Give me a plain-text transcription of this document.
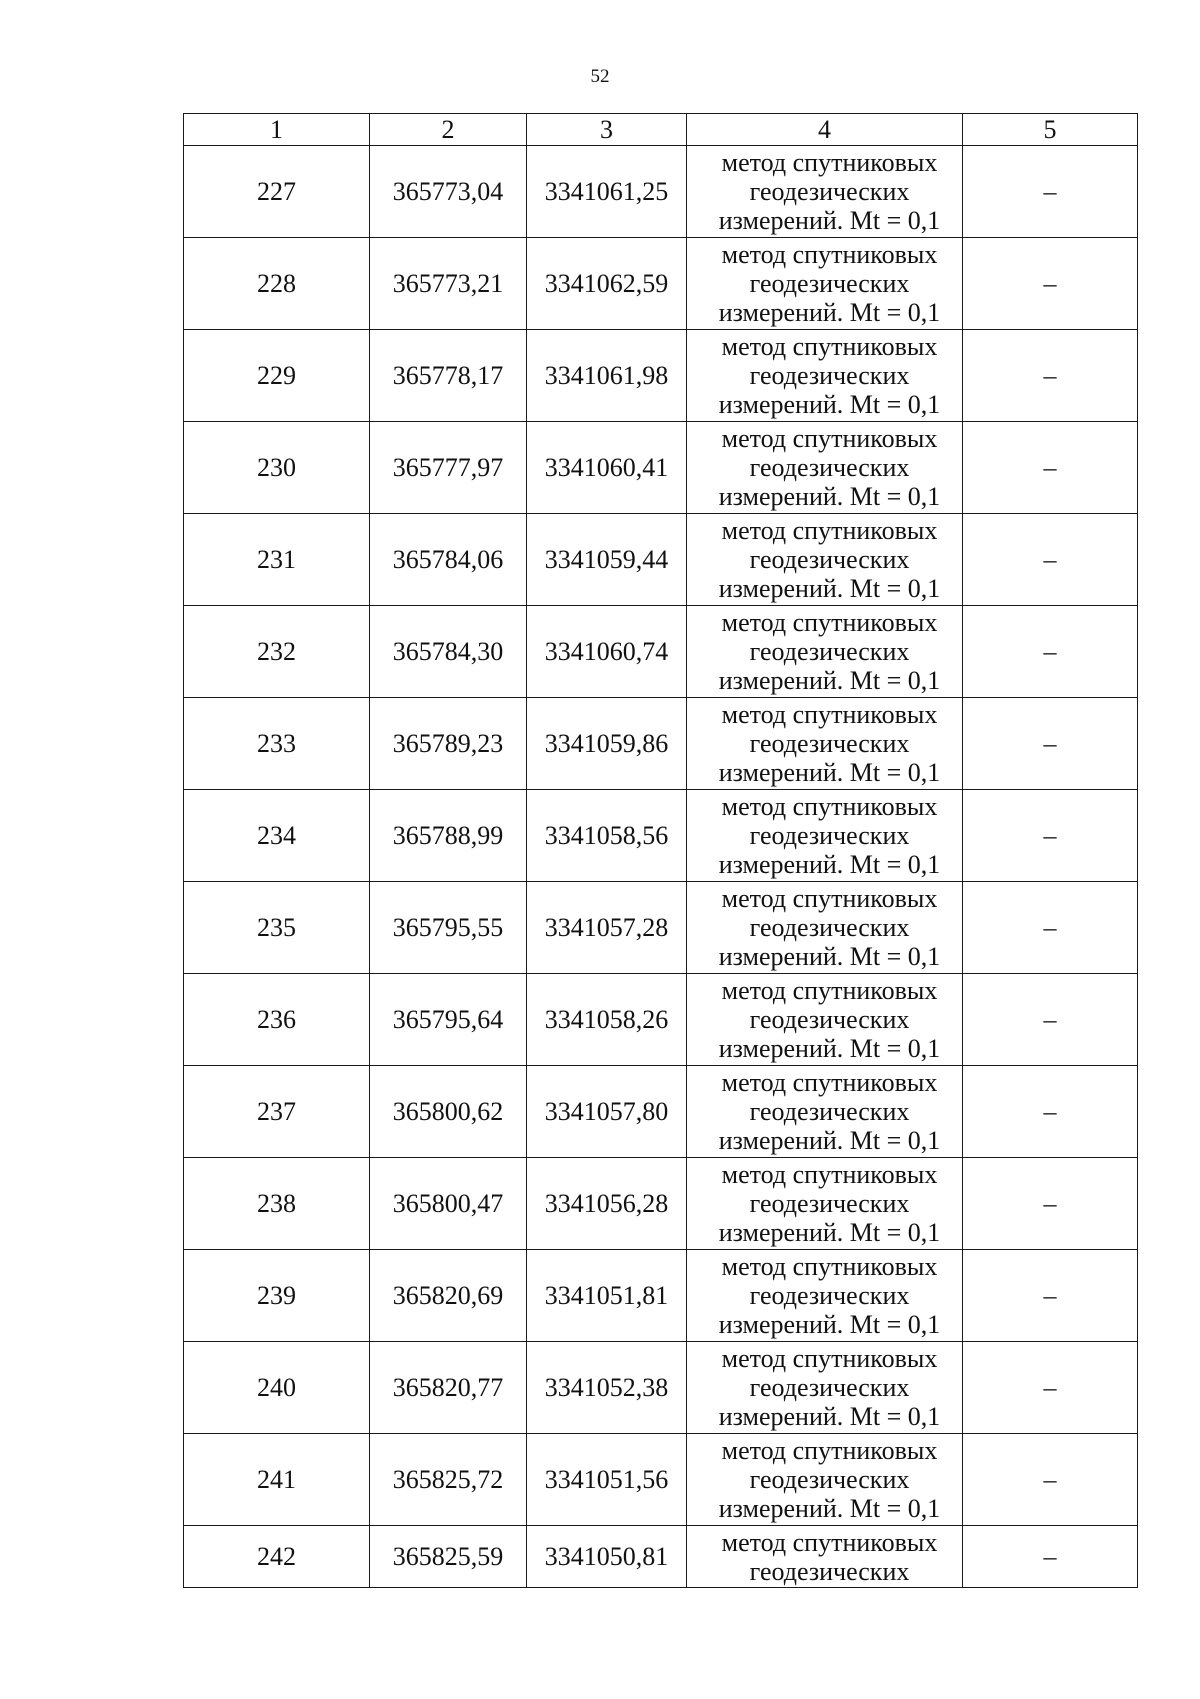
52
1	2	3	4	5
227	365773,04	3341061,25	метод спутниковых
геодезических
измерений. Mt = 0,1	–
228	365773,21	3341062,59	метод спутниковых
геодезических
измерений. Mt = 0,1	–
229	365778,17	3341061,98	метод спутниковых
геодезических
измерений. Mt = 0,1	–
230	365777,97	3341060,41	метод спутниковых
геодезических
измерений. Mt = 0,1	–
231	365784,06	3341059,44	метод спутниковых
геодезических
измерений. Mt = 0,1	–
232	365784,30	3341060,74	метод спутниковых
геодезических
измерений. Mt = 0,1	–
233	365789,23	3341059,86	метод спутниковых
геодезических
измерений. Mt = 0,1	–
234	365788,99	3341058,56	метод спутниковых
геодезических
измерений. Mt = 0,1	–
235	365795,55	3341057,28	метод спутниковых
геодезических
измерений. Mt = 0,1	–
236	365795,64	3341058,26	метод спутниковых
геодезических
измерений. Mt = 0,1	–
237	365800,62	3341057,80	метод спутниковых
геодезических
измерений. Mt = 0,1	–
238	365800,47	3341056,28	метод спутниковых
геодезических
измерений. Mt = 0,1	–
239	365820,69	3341051,81	метод спутниковых
геодезических
измерений. Mt = 0,1	–
240	365820,77	3341052,38	метод спутниковых
геодезических
измерений. Mt = 0,1	–
241	365825,72	3341051,56	метод спутниковых
геодезических
измерений. Mt = 0,1	–
242	365825,59	3341050,81	метод спутниковых
геодезических	–
